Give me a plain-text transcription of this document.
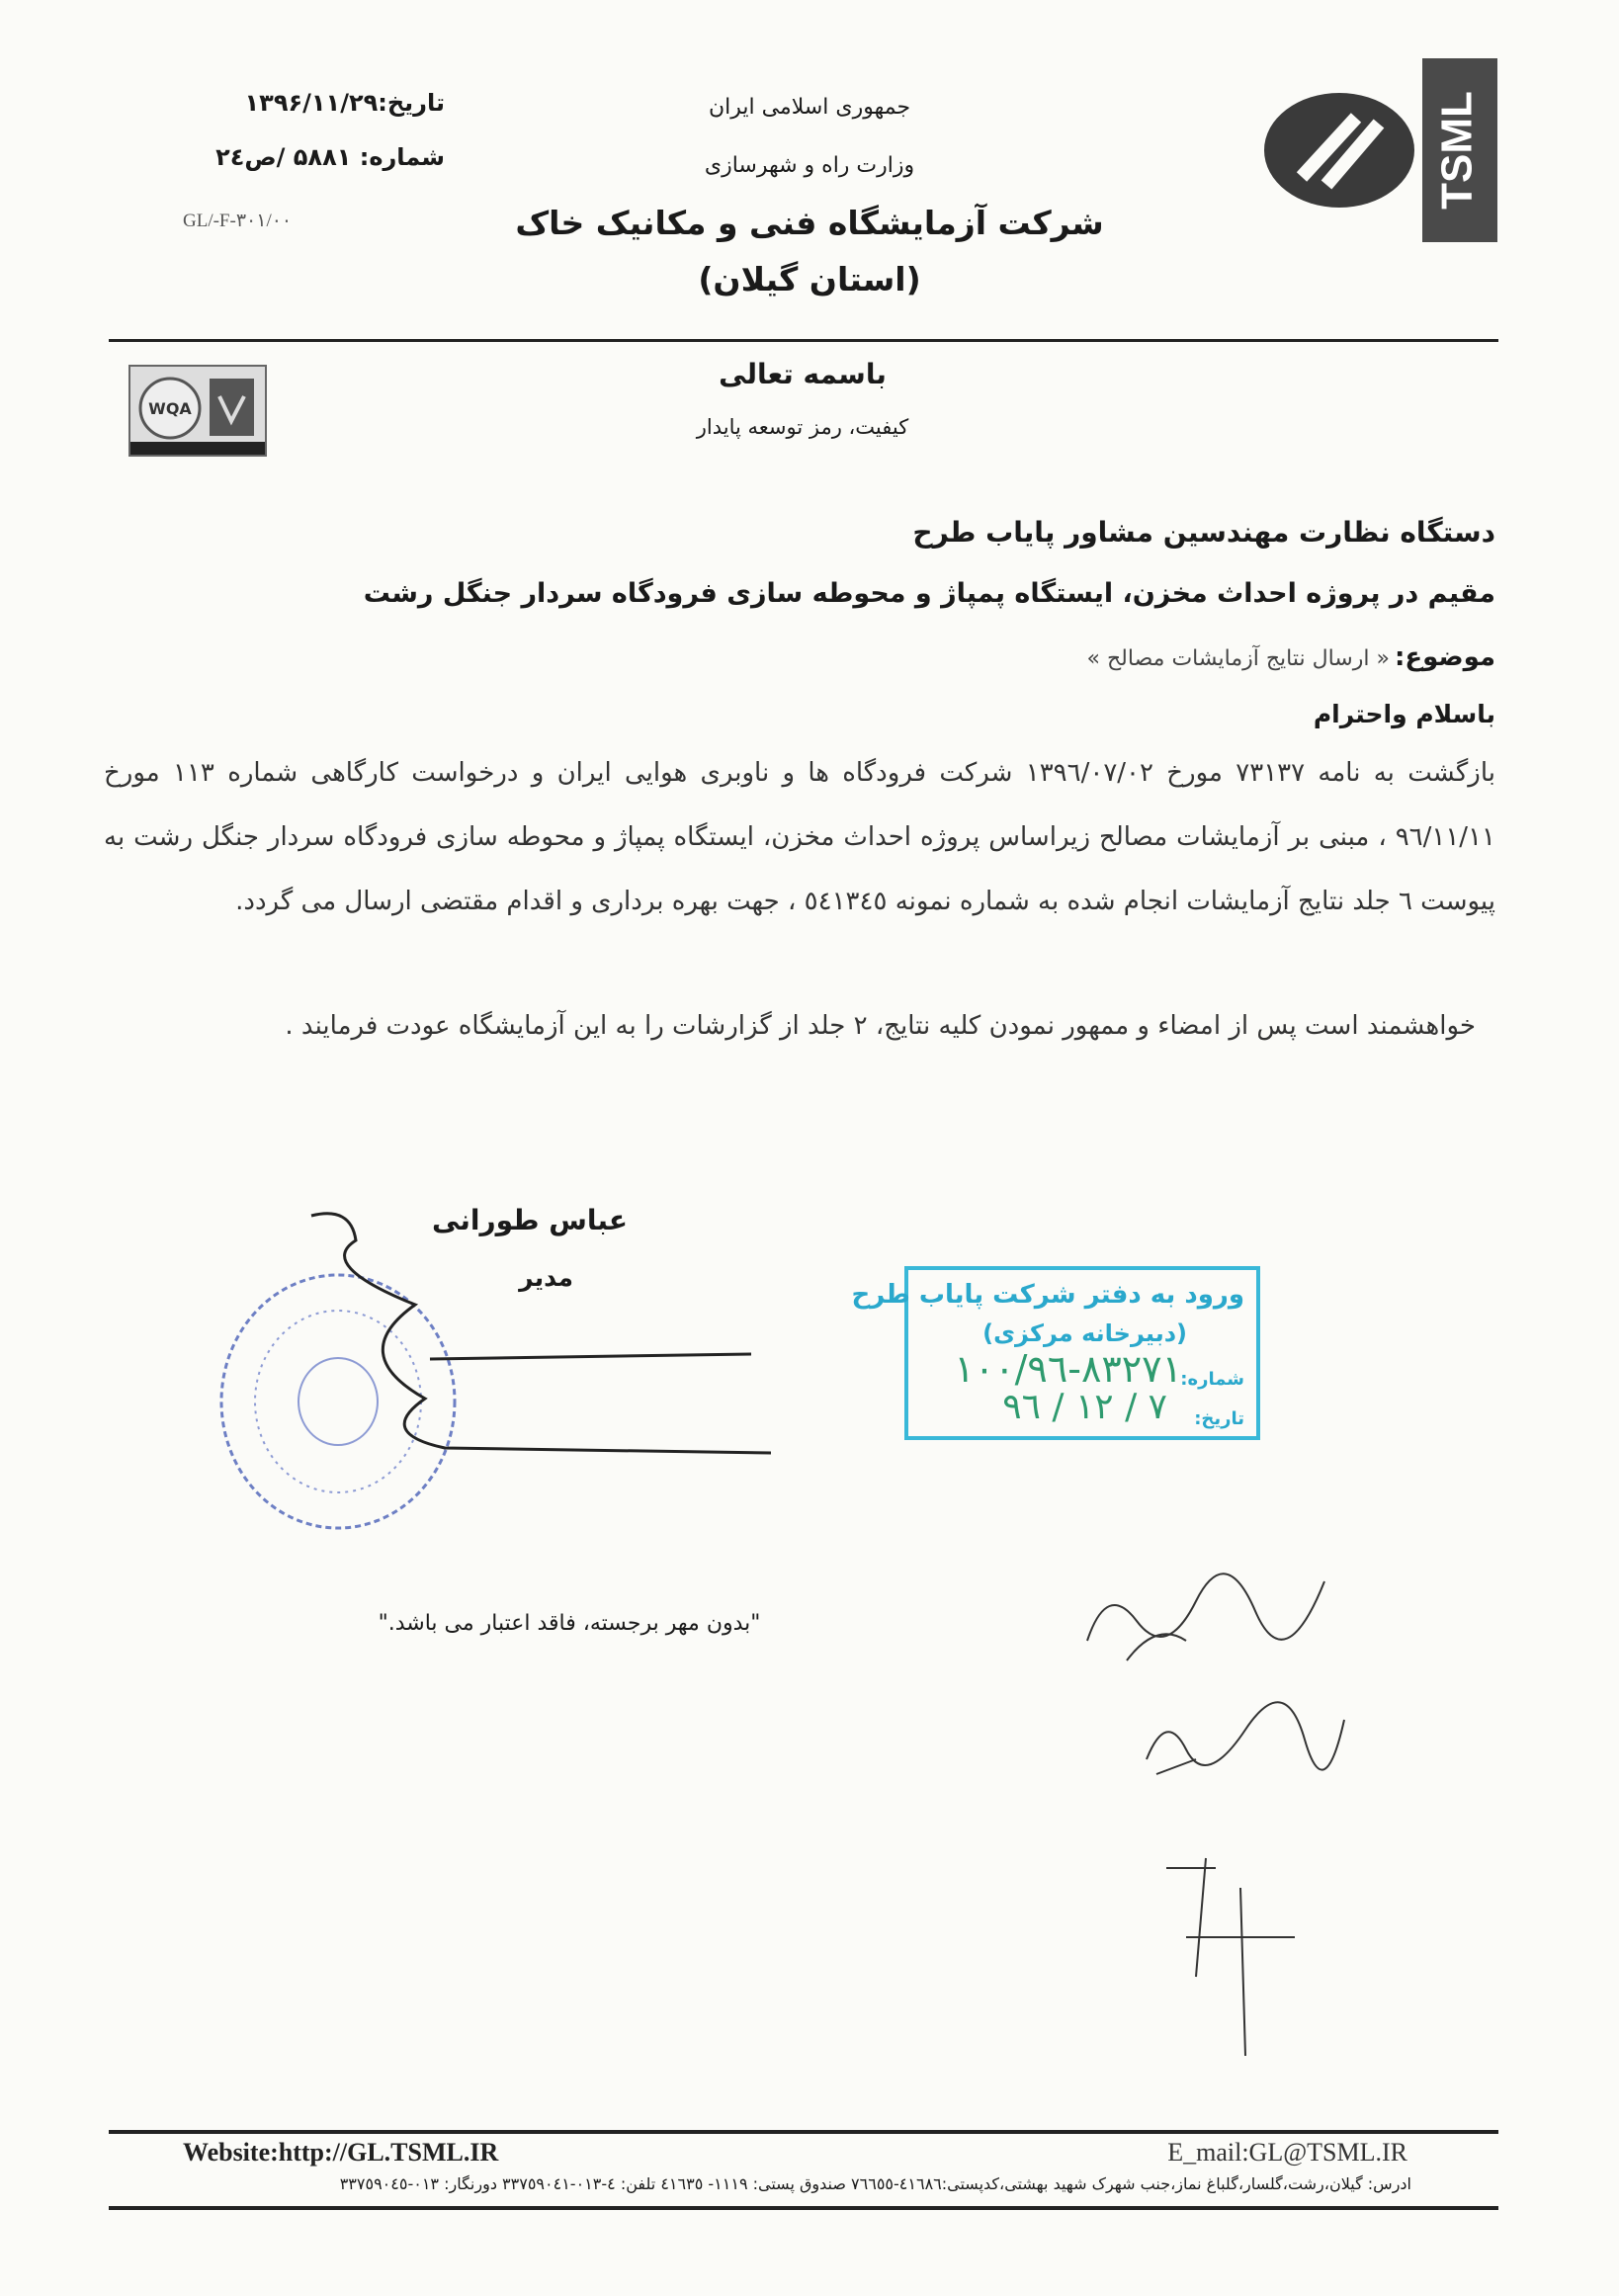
TSML
جمهوری اسلامی ایران
وزارت راه و شهرسازی
شرکت آزمایشگاه فنی و مکانیک خاک
(استان گیلان)
تاریخ:۱۳۹۶/۱۱/۲۹
شماره: ۵۸۸۱ /ص۲٤
GL/-F-۳۰۱/۰۰
باسمه تعالی
کیفیت، رمز توسعه پایدار
WQA
دستگاه نظارت مهندسین مشاور پایاب طرح
مقیم در پروژه احداث مخزن، ایستگاه پمپاژ و محوطه سازی فرودگاه سردار جنگل رشت
موضوع: « ارسال نتایج آزمایشات مصالح »
باسلام واحترام
بازگشت به نامه ۷۳۱۳۷ مورخ ۱۳۹٦/۰۷/۰۲ شرکت فرودگاه ها و ناوبری هوایی ایران و درخواست کارگاهی شماره ۱۱۳ مورخ ۹٦/۱۱/۱۱ ، مبنی بر آزمایشات مصالح زیراساس پروژه احداث مخزن، ایستگاه پمپاژ و محوطه سازی فرودگاه سردار جنگل رشت به پیوست ٦ جلد نتایج آزمایشات انجام شده به شماره نمونه ٥٤۱۳٤٥ ، جهت بهره برداری و اقدام مقتضی ارسال می گردد.
خواهشمند است پس از امضاء و ممهور نمودن کلیه نتایج، ۲ جلد از گزارشات را به این آزمایشگاه عودت فرمایند .
عباس طورانی
مدیر
ورود به دفتر شرکت پایاب طرح
(دبیرخانه مرکزی)
شماره:
۱۰۰/۹٦-۸۳۲۷۱
تاریخ:
۹٦ / ۱۲ / ۷
"بدون مهر برجسته، فاقد اعتبار می باشد."
Website:http://GL.TSML.IR	E_mail:GL@TSML.IR
ادرس: گیلان،رشت،گلسار،گلباغ نماز،جنب شهرک شهید بهشتی،کدپستی:٤۱٦۸٦-۷٦٦٥٥ صندوق پستی: ۱۱۱۹- ٤۱٦۳٥ تلفن: ٤-۰۱۳-۳۳۷٥۹۰٤۱ دورنگار: ۰۱۳-۳۳۷٥۹۰٤٥
